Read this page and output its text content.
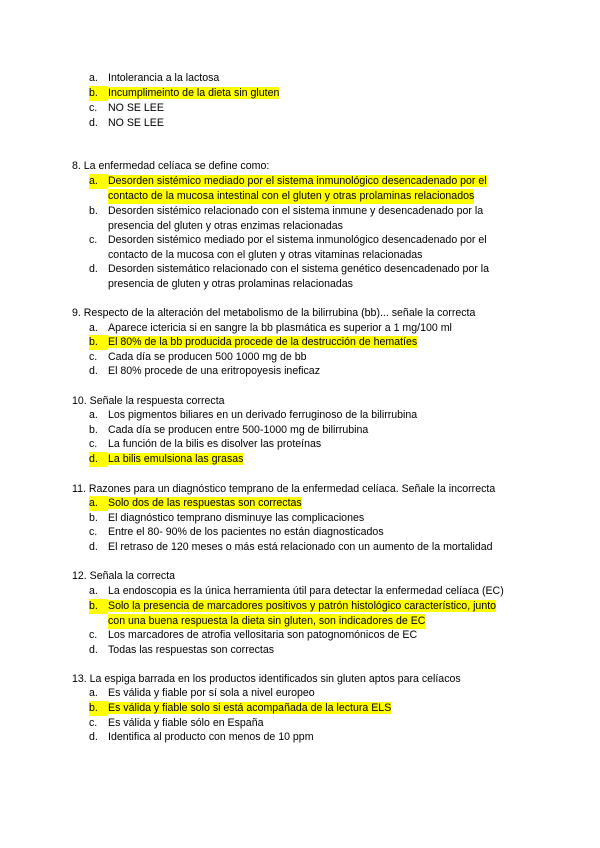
a. Intolerancia a la lactosa
b. Incumplimeinto de la dieta sin gluten
c. NO SE LEE
d. NO SE LEE
8. La enfermedad celíaca se define como:
a. Desorden sistémico mediado por el sistema inmunológico desencadenado por el
contacto de la mucosa intestinal con el gluten y otras prolaminas relacionados
b. Desorden sistémico relacionado con el sistema inmune y desencadenado por la
presencia del gluten y otras enzimas relacionadas
c. Desorden sistémico mediado por el sistema inmunológico desencadenado por el
contacto de la mucosa con el gluten y otras vitaminas relacionadas
d. Desorden sistemático relacionado con el sistema genético desencadenado por la
presencia de gluten y otras prolaminas relacionadas
9. Respecto de la alteración del metabolismo de la bilirrubina (bb)... señale la correcta
a. Aparece ictericia si en sangre la bb plasmática es superior a 1 mg/100 ml
b. El 80% de la bb producida procede de la destrucción de hematíes
c. Cada día se producen 500 1000 mg de bb
d. El 80% procede de una eritropoyesis ineficaz
10. Señale la respuesta correcta
a. Los pigmentos biliares en un derivado ferruginoso de la bilirrubina
b. Cada día se producen entre 500-1000 mg de bilirrubina
c. La función de la bilis es disolver las proteínas
d. La bilis emulsiona las grasas
11. Razones para un diagnóstico temprano de la enfermedad celíaca. Señale la incorrecta
a. Solo dos de las respuestas son correctas
b. El diagnóstico temprano disminuye las complicaciones
c. Entre el 80- 90% de los pacientes no están diagnosticados
d. El retraso de 120 meses o más está relacionado con un aumento de la mortalidad
12. Señala la correcta
a. La endoscopia es la única herramienta útil para detectar la enfermedad celíaca (EC)
b. Solo la presencia de marcadores positivos y patrón histológico característico, junto
con una buena respuesta la dieta sin gluten, son indicadores de EC
c. Los marcadores de atrofia vellositaria son patognomónicos de EC
d. Todas las respuestas son correctas
13. La espiga barrada en los productos identificados sin gluten aptos para celíacos
a. Es válida y fiable por sí sola a nivel europeo
b. Es válida y fiable solo si está acompañada de la lectura ELS
c. Es válida y fiable sólo en España
d. Identifica al producto con menos de 10 ppm
